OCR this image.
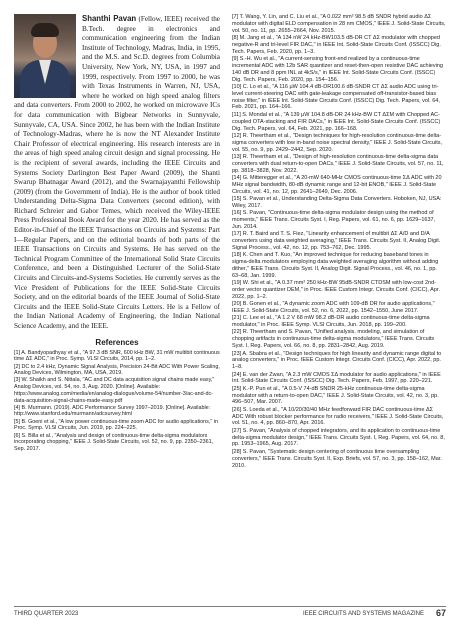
Shanthi Pavan (Fellow, IEEE) received the B.Tech. degree in electronics and communication engineering from the Indian Institute of Technology, Madras, India, in 1995, and the M.S. and Sc.D. degrees from Columbia University, New York, NY, USA, in 1997 and 1999, respectively. From 1997 to 2000, he was with Texas Instruments in Warren, NJ, USA, where he worked on high speed analog filters and data converters. From 2000 to 2002, he worked on microwave ICs for data communication with Bigbear Networks in Sunnyvale, Sunnyvale, CA, USA. Since 2002, he has been with the Indian Institute of Technology-Madras, where he is now the NT Alexander Institute Chair Professor of electrical engineering. His research interests are in the areas of high speed analog circuit design and signal processing. He is the recipient of several awards, including the IEEE Circuits and Systems Society Darlington Best Paper Award (2009), the Shanti Swarup Bhatnagar Award (2012), and the Swarnajayanthi Fellowship (2009) (from the Government of India). He is the author of book titled Understanding Delta-Sigma Data Converters (second edition), with Richard Schreier and Gabor Temes, which received the Wiley-IEEE Press Professional Book Award for the year 2020. He has served as the Editor-in-Chief of the IEEE Transactions on Circuits and Systems: Part I—Regular Papers, and on the editorial boards of both parts of the IEEE Transactions on Circuits and Systems. He has served on the Technical Program Committee of the International Solid State Circuits Conference, and been a Distinguished Lecturer of the Solid-State Circuits and Circuits-and-Systems Societies. He currently serves as the Vice President of Publications for the IEEE Solid-State Circuits Society, and on the editorial boards of the IEEE Journal of Solid-State Circuits and the IEEE Solid-State Circuits Letters. He is a Fellow of the Indian National Academy of Engineering, the Indian National Science Academy, and the IEEE.
References
[1] A. Bandyopadhyay et al., "A 97.3 dB SNR, 600 kHz BW, 31 mW multibit continuous time ΔΣ ADC," in Proc. Symp. VLSI Circuits, 2014, pp. 1–2.
[2] DC to 2.4 kHz, Dynamic Signal Analysis, Precision 24-Bit ADC With Power Scaling, Analog Devices, Wilmington, MA, USA, 2019.
[3] W. Shaikh and S. Nittala, "AC and DC data acquisition signal chains made easy," Analog Devices, vol. 54, no. 3, Aug. 2020. [Online]. Available: https://www.analog.com/media/en/analog-dialogue/volume-54/number-3/ac-and-dc-data-acquisition-signal-chains-made-easy.pdf
[4] B. Murmann. (2019). ADC Performance Survey 1997–2019. [Online]. Available: http://www.stanford.edu/murmann/adcsurvey.html
[5] B. Goeni et al., "A low power continuous-time zoom ADC for audio applications," in Proc. Symp. VLSI Circuits, Jun. 2019, pp. 224–225.
[6] S. Billa et al., "Analysis and design of continuous-time delta-sigma modulators incorporating chopping," IEEE J. Solid-State Circuits, vol. 52, no. 9, pp. 2350–2361, Sep. 2017.
[7] T. Wang, Y. Lin, and C. Liu et al., "A 0.022 mm² 98.5 dB SNDR hybrid audio ΔΣ modulator with digital ELD compensation in 28 nm CMOS," IEEE J. Solid-State Circuits, vol. 50, no. 11, pp. 2655–2664, Nov. 2015.
[8] M. Jang et al., "A 134 nW 24 kHz-BW103.5 dB-DR CT ΔΣ modulator with chopped negative-R and tri-level FIR DAC," in IEEE Int. Solid-State Circuits Conf. (ISSCC) Dig. Tech. Papers, Feb. 2020, pp. 1–3.
[9] S.-H. Wu et al., "A current-sensing front-end realized by a continuous-time incremental ADC with 12b SAR quantizer and reset-then-open resistive DAC achieving 140 dB DR and 8 ppm INL at 4kS/s," in IEEE Int. Solid-State Circuits Conf. (ISSCC) Dig. Tech. Papers, Feb. 2020, pp. 154–156.
[10] C. Lo et al., "A 116 μW 104.4 dB-DR100.6 dB-SNDR CT ΔΣ audio ADC using tri-level current-steering DAC with gate-leakage compensated off-transistor-based bias noise filter," in IEEE Int. Solid-State Circuits Conf. (ISSCC) Dig. Tech. Papers, vol. 64, Feb. 2021, pp. 164–166.
[11] S. Mondal et al., "A 139 μW 104.8 dB-DR 24 kHz-BW CT ΔΣM with Chopped AC-coupled OTA-stacking and FIR DACs," in IEEE Int. Solid-State Circuits Conf. (ISSCC) Dig. Tech. Papers, vol. 64, Feb. 2021, pp. 166–168.
[12] R. Theertham et al., "Design techniques for high-resolution continuous-time delta-sigma converters with low in-band noise spectral density," IEEE J. Solid-State Circuits, vol. 55, no. 9, pp. 2429–2442, Sep. 2020.
[13] R. Theertham et al., "Design of high-resolution continuous-time delta-sigma data converters with dual return-to-open DACs," IEEE J. Solid-State Circuits, vol. 57, no. 11, pp. 3818–3828, Nov. 2022.
[14] G. Mitteregger et al., "A 20-mW 640-MHz CMOS continuous-time ΣΔ ADC with 20 MHz signal bandwidth, 80-dB dynamic range and 12-bit ENOB," IEEE J. Solid-State Circuits, vol. 41, no. 12, pp. 2641–2649, Dec. 2006.
[15] S. Pavan et al., Understanding Delta-Sigma Data Converters. Hoboken, NJ, USA: Wiley, 2017.
[16] S. Pavan, "Continuous-time delta-sigma modulator design using the method of moments," IEEE Trans. Circuits Syst. I, Reg. Papers, vol. 61, no. 6, pp. 1629–1637, Jun. 2014.
[17] R. T. Baird and T. S. Fiez, "Linearity enhancement of multibit ΔΣ A/D and D/A converters using data weighted averaging," IEEE Trans. Circuits Syst. II, Analog Digit. Signal Process., vol. 42, no. 12, pp. 753–762, Dec. 1995.
[18] K. Chen and T. Kuo, "An improved technique for reducing baseband tones in sigma-delta modulators employing data weighted averaging algorithm without adding dither," IEEE Trans. Circuits Syst. II, Analog Digit. Signal Process., vol. 46, no. 1, pp. 63–68, Jan. 1999.
[19] W. Shi et al., "A 0.37 mm² 250 kHz-BW 95dB-SNDR CTDSM with low-cost 2nd-order vector quantizer DEM," in Proc. IEEE Custom Integr. Circuits Conf. (CICC), Apr. 2022, pp. 1–2.
[20] B. Gonen et al., "A dynamic zoom ADC with 109-dB DR for audio applications," IEEE J. Solid-State Circuits, vol. 52, no. 6, 2022, pp. 1542–1550, June 2017.
[21] C. Lee et al., "A 1.2 V 68 mW 98.2 dB-DR audio continuous-time delta-sigma modulator," in Proc. IEEE Symp. VLSI Circuits, Jun. 2018, pp. 199–200.
[22] R. Theertham and S. Pavan, "Unified analysis, modeling, and simulation of chopping artifacts in continuous-time delta-sigma modulators," IEEE Trans. Circuits Syst. I, Reg. Papers, vol. 66, no. 8, pp. 2831–2842, Aug. 2019.
[23] A. Sbabra et al., "Design techniques for high linearity and dynamic range digital to analog converters," in Proc. IEEE Custom Integr. Circuits Conf. (CICC), Apr. 2022, pp. 1–8.
[24] E. van der Zwan, "A 2.3 mW CMOS ΣΔ modulator for audio applications," in IEEE Int. Solid-State Circuits Conf. (ISSCC) Dig. Tech. Papers, Feb. 1997, pp. 220–221.
[25] K.-P. Pun et al., "A 0.5-V 74-dB SNDR 25-kHz continuous-time delta-sigma modulator with a return-to-open DAC," IEEE J. Solid-State Circuits, vol. 42, no. 3, pp. 496–507, Mar. 2007.
[26] S. Loeda et al., "A 10/20/30/40 MHz feedforward FIR DAC continuous-time ΔΣ ADC With robust blocker performance for radio receivers," IEEE J. Solid-State Circuits, vol. 51, no. 4, pp. 860–870, Apr. 2016.
[27] S. Pavan, "Analysis of chopped integrators, and its application to continuous-time delta-sigma modulator design," IEEE Trans. Circuits Syst. I, Reg. Papers, vol. 64, no. 8, pp. 1953–1965, Aug. 2017.
[28] S. Pavan, "Systematic design centering of continuous time oversampling converters," IEEE Trans. Circuits Syst. II, Exp. Briefs, vol. 57, no. 3, pp. 158–162, Mar. 2010.
THIRD QUARTER 2023	IEEE CIRCUITS AND SYSTEMS MAGAZINE 67
